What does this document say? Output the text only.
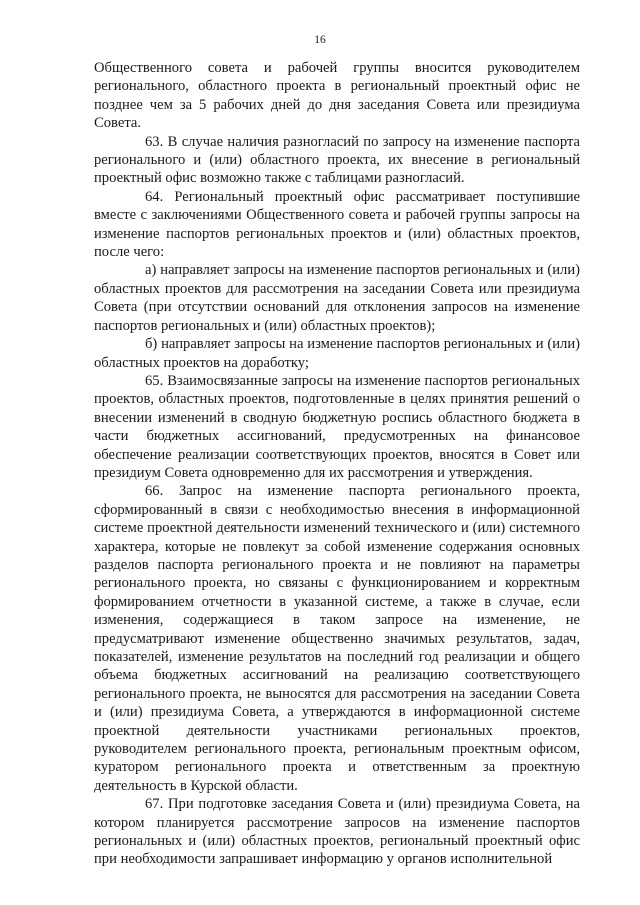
16

Общественного совета и рабочей группы вносится руководителем регионального, областного проекта в региональный проектный офис не позднее чем за 5 рабочих дней до дня заседания Совета или президиума Совета.

63. В случае наличия разногласий по запросу на изменение паспорта регионального и (или) областного проекта, их внесение в региональный проектный офис возможно также с таблицами разногласий.

64. Региональный проектный офис рассматривает поступившие вместе с заключениями Общественного совета и рабочей группы запросы на изменение паспортов региональных проектов и (или) областных проектов, после чего:

а) направляет запросы на изменение паспортов региональных и (или) областных проектов для рассмотрения на заседании Совета или президиума Совета (при отсутствии оснований для отклонения запросов на изменение паспортов региональных и (или) областных проектов);

б) направляет запросы на изменение паспортов региональных и (или) областных проектов на доработку;

65. Взаимосвязанные запросы на изменение паспортов региональных проектов, областных проектов, подготовленные в целях принятия решений о внесении изменений в сводную бюджетную роспись областного бюджета в части бюджетных ассигнований, предусмотренных на финансовое обеспечение реализации соответствующих проектов, вносятся в Совет или президиум Совета одновременно для их рассмотрения и утверждения.

66. Запрос на изменение паспорта регионального проекта, сформированный в связи с необходимостью внесения в информационной системе проектной деятельности изменений технического и (или) системного характера, которые не повлекут за собой изменение содержания основных разделов паспорта регионального проекта и не повлияют на параметры регионального проекта, но связаны с функционированием и корректным формированием отчетности в указанной системе, а также в случае, если изменения, содержащиеся в таком запросе на изменение, не предусматривают изменение общественно значимых результатов, задач, показателей, изменение результатов на последний год реализации и общего объема бюджетных ассигнований на реализацию соответствующего регионального проекта, не выносятся для рассмотрения на заседании Совета и (или) президиума Совета, а утверждаются в информационной системе проектной деятельности участниками региональных проектов, руководителем регионального проекта, региональным проектным офисом, куратором регионального проекта и ответственным за проектную деятельность в Курской области.

67. При подготовке заседания Совета и (или) президиума Совета, на котором планируется рассмотрение запросов на изменение паспортов региональных и (или) областных проектов, региональный проектный офис при необходимости запрашивает информацию у органов исполнительной
